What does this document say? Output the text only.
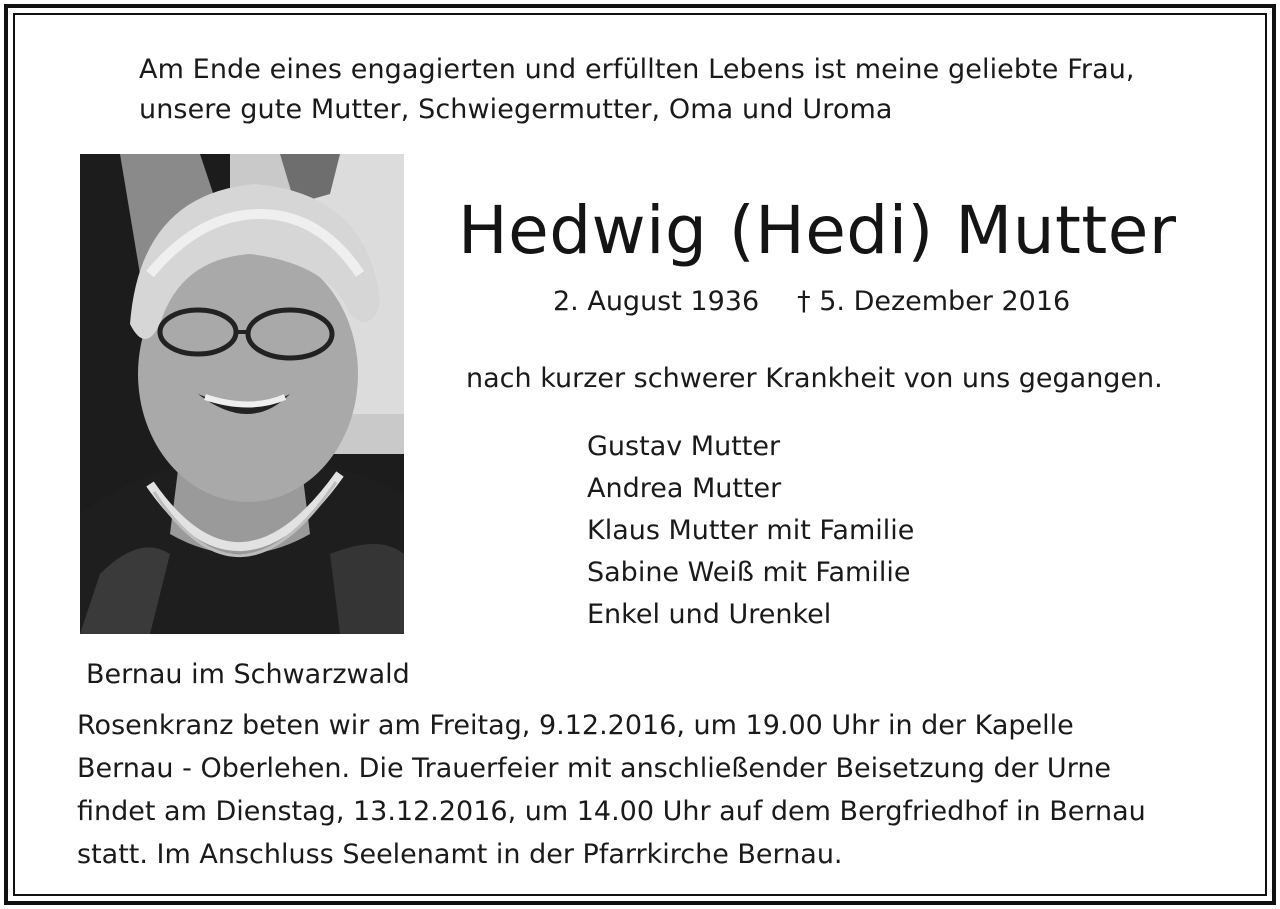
Am Ende eines engagierten und erfüllten Lebens ist meine geliebte Frau,
unsere gute Mutter, Schwiegermutter, Oma und Uroma
Hedwig (Hedi) Mutter
2. August 1936 † 5. Dezember 2016
nach kurzer schwerer Krankheit von uns gegangen.
Gustav Mutter
Andrea Mutter
Klaus Mutter mit Familie
Sabine Weiß mit Familie
Enkel und Urenkel
Bernau im Schwarzwald
Rosenkranz beten wir am Freitag, 9.12.2016, um 19.00 Uhr in der Kapelle
Bernau - Oberlehen. Die Trauerfeier mit anschließender Beisetzung der Urne
findet am Dienstag, 13.12.2016, um 14.00 Uhr auf dem Bergfriedhof in Bernau
statt. Im Anschluss Seelenamt in der Pfarrkirche Bernau.
